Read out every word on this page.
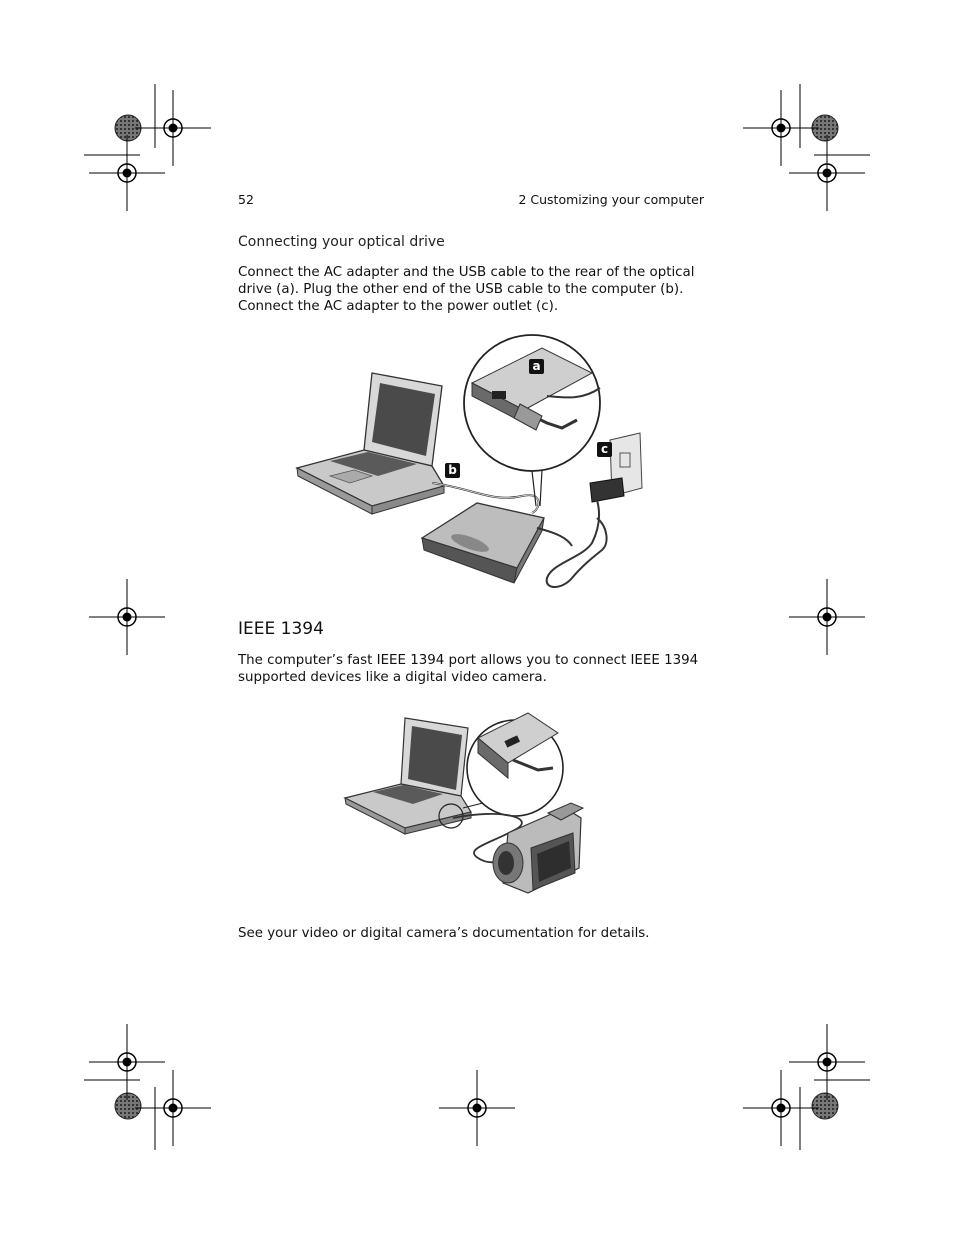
52	2 Customizing your computer
Connecting your optical drive

Connect the AC adapter and the USB cable to the rear of the optical

drive (a). Plug the other end of the USB cable to the computer (b).

Connect the AC adapter to the power outlet (c).

a
b
c
IEEE 1394

The computer’s fast IEEE 1394 port allows you to connect IEEE 1394

supported devices like a digital video camera.

See your video or digital camera’s documentation for details.
